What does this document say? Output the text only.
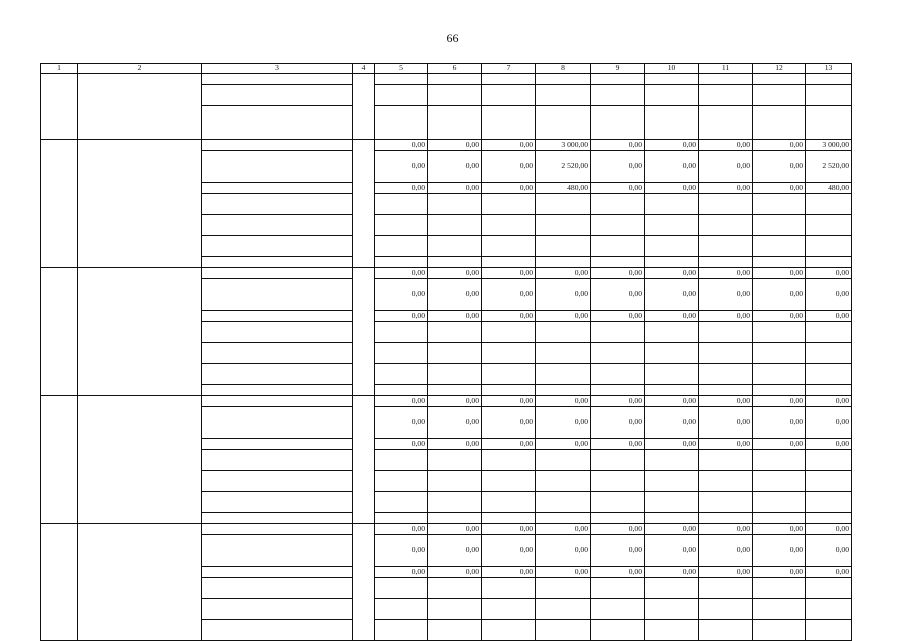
66
1	2	3	4	5	6	7	8	9	10	11	12	13

				0,00	0,00	0,00	3 000,00	0,00	0,00	0,00	0,00	3 000,00
				0,00	0,00	0,00	2 520,00	0,00	0,00	0,00	0,00	2 520,00
				0,00	0,00	0,00	480,00	0,00	0,00	0,00	0,00	480,00

				0,00	0,00	0,00	0,00	0,00	0,00	0,00	0,00	0,00
				0,00	0,00	0,00	0,00	0,00	0,00	0,00	0,00	0,00
				0,00	0,00	0,00	0,00	0,00	0,00	0,00	0,00	0,00

				0,00	0,00	0,00	0,00	0,00	0,00	0,00	0,00	0,00
				0,00	0,00	0,00	0,00	0,00	0,00	0,00	0,00	0,00
				0,00	0,00	0,00	0,00	0,00	0,00	0,00	0,00	0,00

				0,00	0,00	0,00	0,00	0,00	0,00	0,00	0,00	0,00
				0,00	0,00	0,00	0,00	0,00	0,00	0,00	0,00	0,00
				0,00	0,00	0,00	0,00	0,00	0,00	0,00	0,00	0,00
